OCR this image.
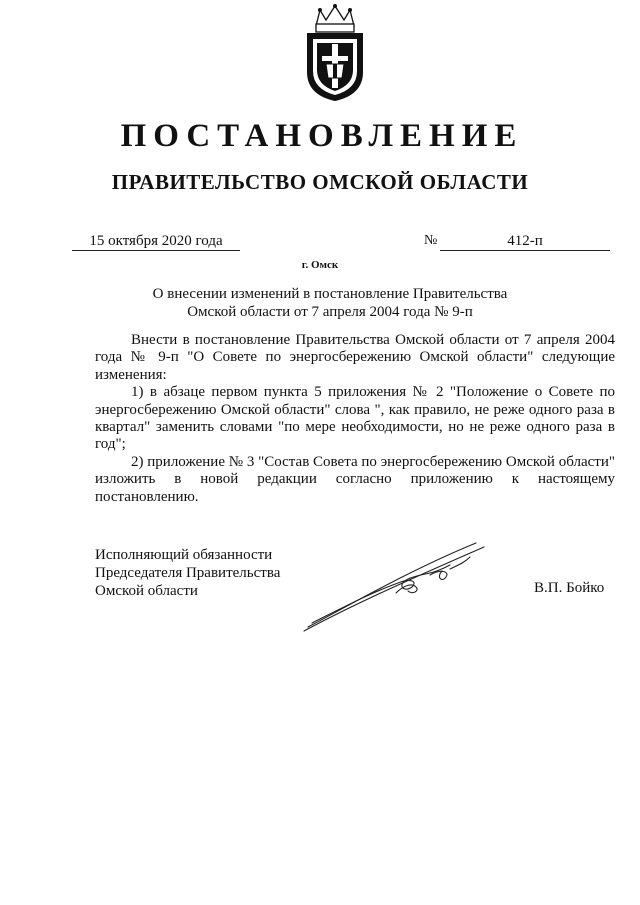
ПОСТАНОВЛЕНИЕ
ПРАВИТЕЛЬСТВО ОМСКОЙ ОБЛАСТИ
15 октября 2020 года	№	412-п
г. Омск
О внесении изменений в постановление Правительства
Омской области от 7 апреля 2004 года № 9-п

Внести в постановление Правительства Омской области от 7 апреля 2004 года № 9-п "О Совете по энергосбережению Омской области" следующие изменения:

1) в абзаце первом пункта 5 приложения № 2 "Положение о Совете по энергосбережению Омской области" слова ", как правило, не реже одного раза в квартал" заменить словами "по мере необходимости, но не реже одного раза в год";

2) приложение № 3 "Состав Совета по энергосбережению Омской области" изложить в новой редакции согласно приложению к настоящему постановлению.

Исполняющий обязанности
Председателя Правительства
Омской области	В.П. Бойко
